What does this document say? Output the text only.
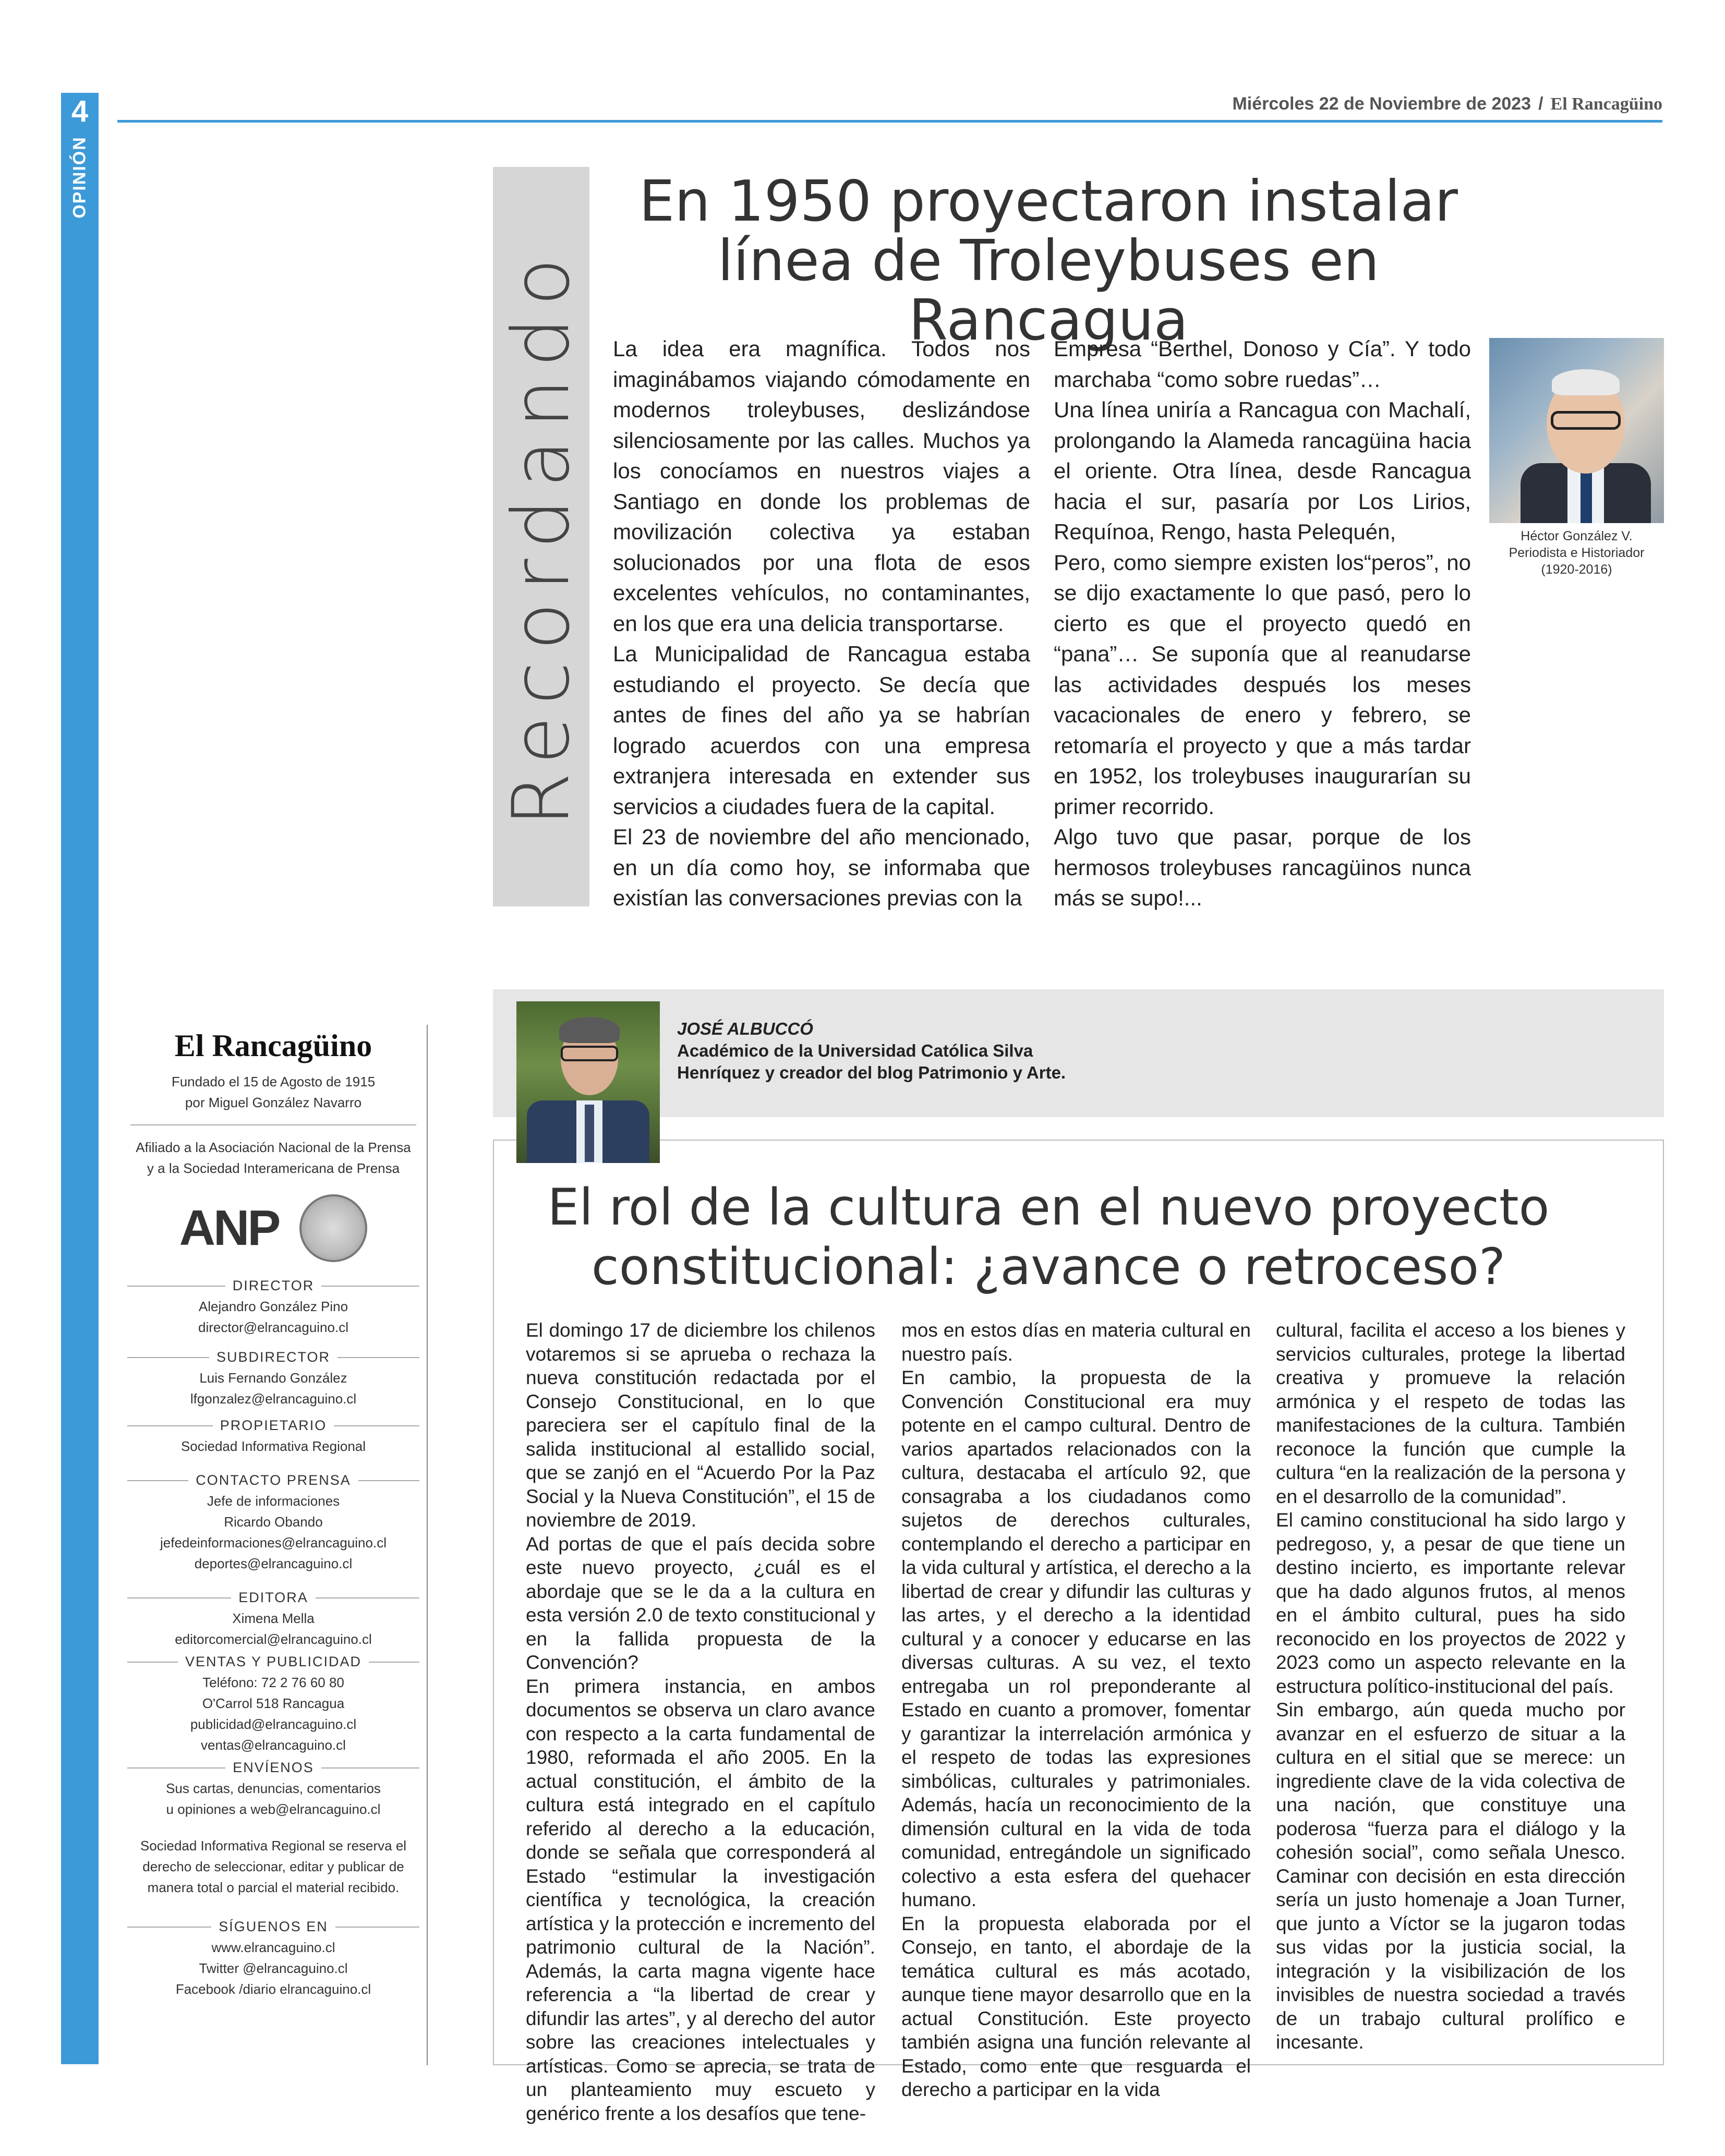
4
OPINIÓN
Miércoles 22 de Noviembre de 2023 / El Rancagüino
Recordando
En 1950 proyectaron instalar línea de Troleybuses en Rancagua

La idea era magnífica. Todos nos imaginábamos viajando cómodamente en modernos troleybuses, deslizándose silenciosamente por las calles. Muchos ya los conocíamos en nuestros viajes a Santiago en donde los problemas de movilización colectiva ya estaban solucionados por una flota de esos excelentes vehículos, no contaminantes, en los que era una delicia transportarse.

La Municipalidad de Rancagua estaba estudiando el proyecto. Se decía que antes de fines del año ya se habrían logrado acuerdos con una empresa extranjera interesada en extender sus servicios a ciudades fuera de la capital.

El 23 de noviembre del año mencionado, en un día como hoy, se informaba que existían las conversaciones previas con la

Empresa “Berthel, Donoso y Cía”. Y todo marchaba “como sobre ruedas”…

Una línea uniría a Rancagua con Machalí, prolongando la Alameda rancagüina hacia el oriente. Otra línea, desde Rancagua hacia el sur, pasaría por Los Lirios, Requínoa, Rengo, hasta Pelequén,

Pero, como siempre existen los“peros”, no se dijo exactamente lo que pasó, pero lo cierto es que el proyecto quedó en “pana”… Se suponía que al reanudarse las actividades después los meses vacacionales de enero y febrero, se retomaría el proyecto y que a más tardar en 1952, los troleybuses inaugurarían su primer recorrido.

Algo tuvo que pasar, porque de los hermosos troleybuses rancagüinos nunca más se supo!...

Héctor González V.
Periodista e Historiador
(1920-2016)
El Rancagüino
Fundado el 15 de Agosto de 1915
por Miguel González Navarro
Afiliado a la Asociación Nacional de la Prensa
y a la Sociedad Interamericana de Prensa
ANP
DIRECTOR
Alejandro González Pino
director@elrancaguino.cl
SUBDIRECTOR
Luis Fernando González
lfgonzalez@elrancaguino.cl
PROPIETARIO
Sociedad Informativa Regional
CONTACTO PRENSA
Jefe de informaciones
Ricardo Obando
jefedeinformaciones@elrancaguino.cl
deportes@elrancaguino.cl
EDITORA
Ximena Mella
editorcomercial@elrancaguino.cl
VENTAS Y PUBLICIDAD
Teléfono: 72 2 76 60 80
O'Carrol 518 Rancagua
publicidad@elrancaguino.cl
ventas@elrancaguino.cl
ENVÍENOS
Sus cartas, denuncias, comentarios
u opiniones a web@elrancaguino.cl
Sociedad Informativa Regional se reserva el
derecho de seleccionar, editar y publicar de
manera total o parcial el material recibido.
SÍGUENOS EN
www.elrancaguino.cl
Twitter @elrancaguino.cl
Facebook /diario elrancaguino.cl
JOSÉ ALBUCCÓ
Académico de la Universidad Católica Silva
Henríquez y creador del blog Patrimonio y Arte.
El rol de la cultura en el nuevo proyecto constitucional: ¿avance o retroceso?

El domingo 17 de diciembre los chilenos votaremos si se aprueba o rechaza la nueva constitución redactada por el Consejo Constitucional, en lo que pareciera ser el capítulo final de la salida institucional al estallido social, que se zanjó en el “Acuerdo Por la Paz Social y la Nueva Constitución”, el 15 de noviembre de 2019.

Ad portas de que el país decida sobre este nuevo proyecto, ¿cuál es el abordaje que se le da a la cultura en esta versión 2.0 de texto constitucional y en la fallida propuesta de la Convención?

En primera instancia, en ambos documentos se observa un claro avance con respecto a la carta fundamental de 1980, reformada el año 2005. En la actual constitución, el ámbito de la cultura está integrado en el capítulo referido al derecho a la educación, donde se señala que corresponderá al Estado “estimular la investigación científica y tecnológica, la creación artística y la protección e incremento del patrimonio cultural de la Nación”. Además, la carta magna vigente hace referencia a “la libertad de crear y difundir las artes”, y al derecho del autor sobre las creaciones intelectuales y artísticas. Como se aprecia, se trata de un planteamiento muy escueto y genérico frente a los desafíos que tene-

mos en estos días en materia cultural en nuestro país.

En cambio, la propuesta de la Convención Constitucional era muy potente en el campo cultural. Dentro de varios apartados relacionados con la cultura, destacaba el artículo 92, que consagraba a los ciudadanos como sujetos de derechos culturales, contemplando el derecho a participar en la vida cultural y artística, el derecho a la libertad de crear y difundir las culturas y las artes, y el derecho a la identidad cultural y a conocer y educarse en las diversas culturas. A su vez, el texto entregaba un rol preponderante al Estado en cuanto a promover, fomentar y garantizar la interrelación armónica y el respeto de todas las expresiones simbólicas, culturales y patrimoniales. Además, hacía un reconocimiento de la dimensión cultural en la vida de toda comunidad, entregándole un significado colectivo a esta esfera del quehacer humano.

En la propuesta elaborada por el Consejo, en tanto, el abordaje de la temática cultural es más acotado, aunque tiene mayor desarrollo que en la actual Constitución. Este proyecto también asigna una función relevante al Estado, como ente que resguarda el derecho a participar en la vida

cultural, facilita el acceso a los bienes y servicios culturales, protege la libertad creativa y promueve la relación armónica y el respeto de todas las manifestaciones de la cultura. También reconoce la función que cumple la cultura “en la realización de la persona y en el desarrollo de la comunidad”.

El camino constitucional ha sido largo y pedregoso, y, a pesar de que tiene un destino incierto, es importante relevar que ha dado algunos frutos, al menos en el ámbito cultural, pues ha sido reconocido en los proyectos de 2022 y 2023 como un aspecto relevante en la estructura político-institucional del país.

Sin embargo, aún queda mucho por avanzar en el esfuerzo de situar a la cultura en el sitial que se merece: un ingrediente clave de la vida colectiva de una nación, que constituye una poderosa “fuerza para el diálogo y la cohesión social”, como señala Unesco. Caminar con decisión en esta dirección sería un justo homenaje a Joan Turner, que junto a Víctor se la jugaron todas sus vidas por la justicia social, la integración y la visibilización de los invisibles de nuestra sociedad a través de un trabajo cultural prolífico e incesante.
